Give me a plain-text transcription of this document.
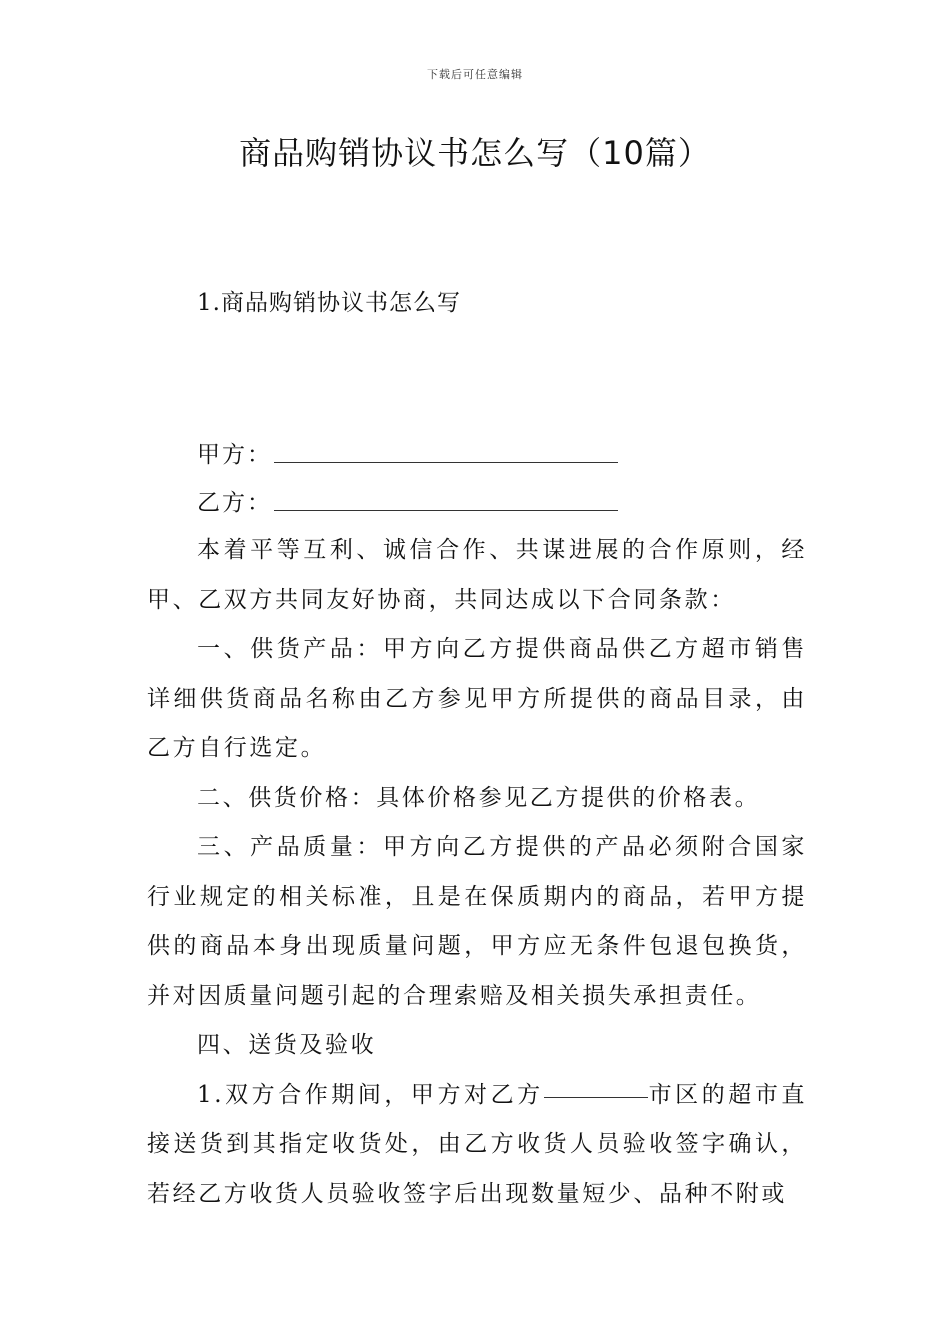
下载后可任意编辑
商品购销协议书怎么写（10篇）
1.商品购销协议书怎么写
甲方：
乙方：

本着平等互利、诚信合作、共谋进展的合作原则，经甲、乙双方共同友好协商，共同达成以下合同条款：

一、供货产品：甲方向乙方提供商品供乙方超市销售详细供货商品名称由乙方参见甲方所提供的商品目录，由乙方自行选定。

二、供货价格：具体价格参见乙方提供的价格表。

三、产品质量：甲方向乙方提供的产品必须附合国家行业规定的相关标准，且是在保质期内的商品，若甲方提供的商品本身出现质量问题，甲方应无条件包退包换货，并对因质量问题引起的合理索赔及相关损失承担责任。

四、送货及验收

1.双方合作期间，甲方对乙方	市区的超市直接送货到其指定收货处，由乙方收货人员验收签字确认，若经乙方收货人员验收签字后出现数量短少、品种不附或
